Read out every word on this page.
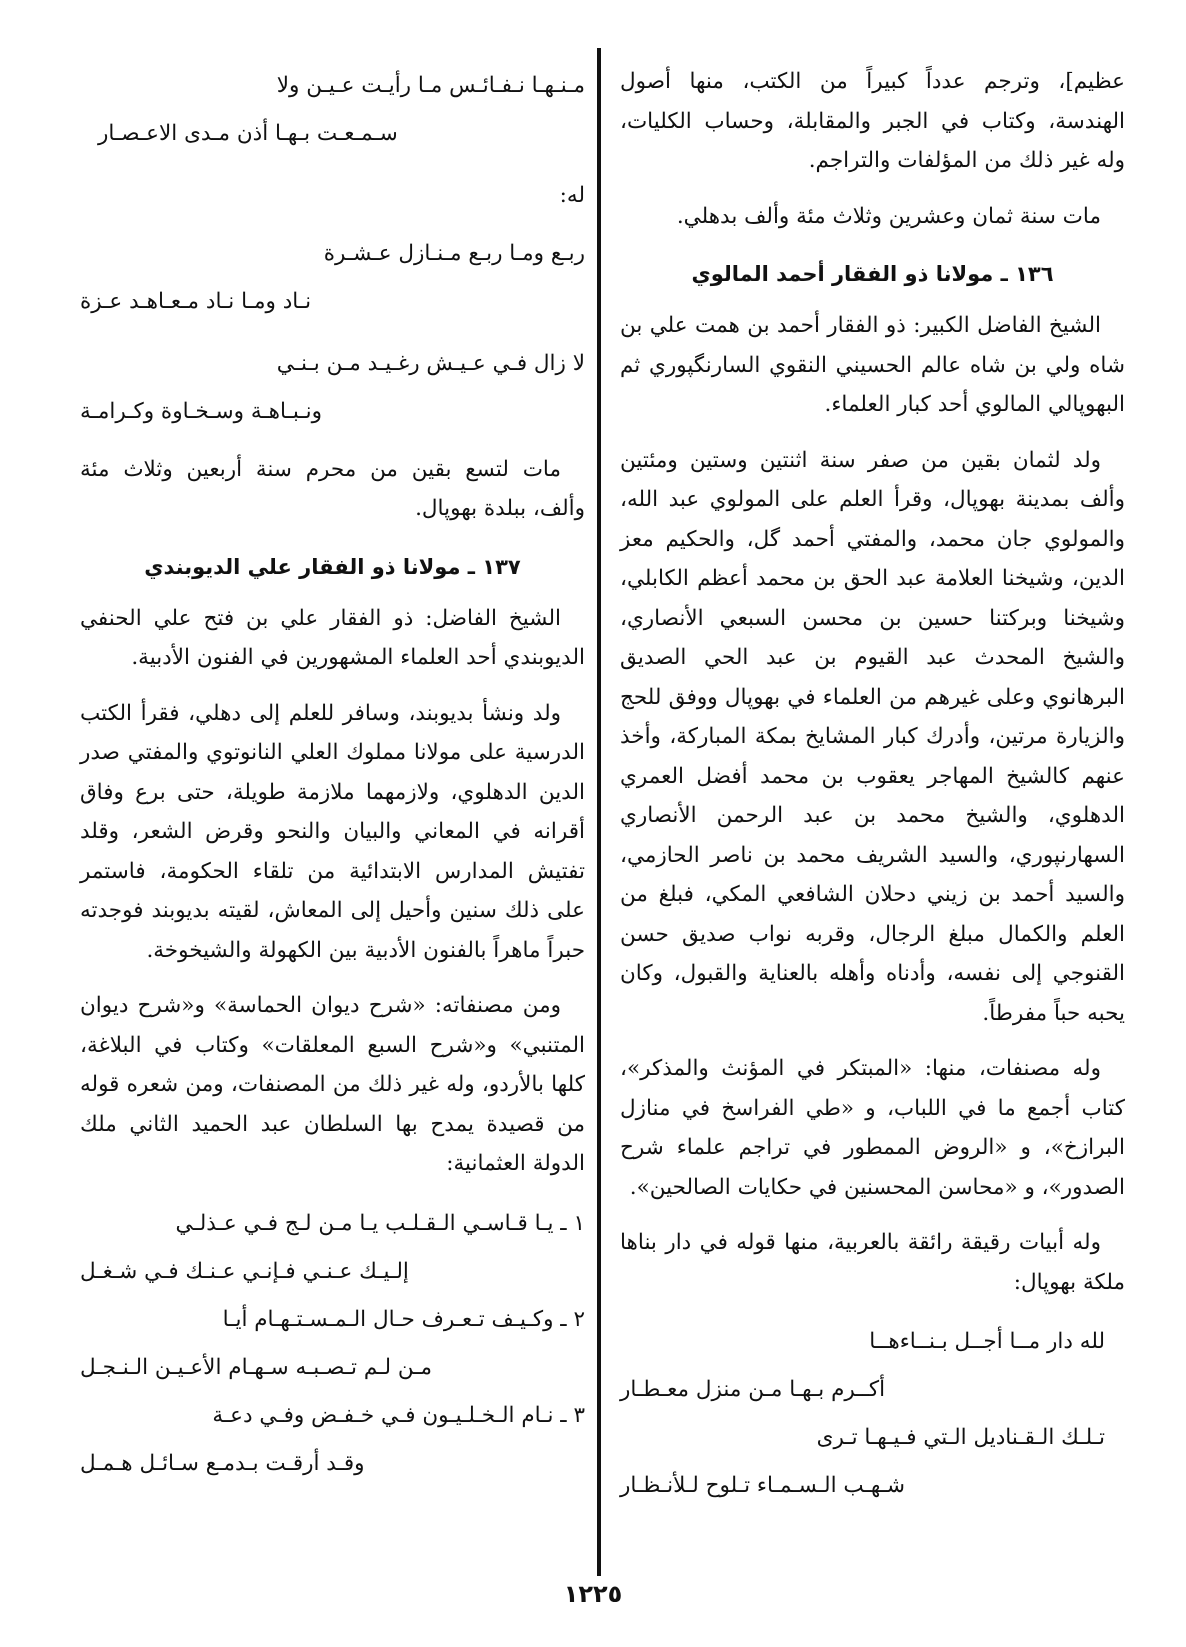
عظيم]، وترجم عدداً كبيراً من الكتب، منها أصول الهندسة، وكتاب في الجبر والمقابلة، وحساب الكليات، وله غير ذلك من المؤلفات والتراجم.

مات سنة ثمان وعشرين وثلاث مئة وألف بدهلي.

١٣٦ ـ مولانا ذو الفقار أحمد المالوي

الشيخ الفاضل الكبير: ذو الفقار أحمد بن همت علي بن شاه ولي بن شاه عالم الحسيني النقوي السارنگپوري ثم البهوپالي المالوي أحد كبار العلماء.

ولد لثمان بقين من صفر سنة اثنتين وستين ومئتين وألف بمدينة بهوپال، وقرأ العلم على المولوي عبد الله، والمولوي جان محمد، والمفتي أحمد گل، والحكيم معز الدين، وشيخنا العلامة عبد الحق بن محمد أعظم الكابلي، وشيخنا وبركتنا حسين بن محسن السبعي الأنصاري، والشيخ المحدث عبد القيوم بن عبد الحي الصديق البرهانوي وعلى غيرهم من العلماء في بهوپال ووفق للحج والزيارة مرتين، وأدرك كبار المشايخ بمكة المباركة، وأخذ عنهم كالشيخ المهاجر يعقوب بن محمد أفضل العمري الدهلوي، والشيخ محمد بن عبد الرحمن الأنصاري السهارنپوري، والسيد الشريف محمد بن ناصر الحازمي، والسيد أحمد بن زيني دحلان الشافعي المكي، فبلغ من العلم والكمال مبلغ الرجال، وقربه نواب صديق حسن القنوجي إلى نفسه، وأدناه وأهله بالعناية والقبول، وكان يحبه حباً مفرطاً.

وله مصنفات، منها: «المبتكر في المؤنث والمذكر»، كتاب أجمع ما في اللباب، و «طي الفراسخ في منازل البرازخ»، و «الروض الممطور في تراجم علماء شرح الصدور»، و «محاسن المحسنين في حكايات الصالحين».

وله أبيات رقيقة رائقة بالعربية، منها قوله في دار بناها ملكة بهوپال:

لله دار مــا أجــل بـنــاءهــا
أكــرم بـهـا مـن منزل معـطـار
تـلـك الـقـناديل الـتي فـيـهـا تـرى
شـهـب الـسـمـاء تـلوح لـلأنـظـار
مـنـهـا نـفـائـس مـا رأيـت عـيـن ولا
سـمـعـت بـهـا أذن مـدى الاعـصـار
له:
ربـع ومـا ربـع مـنـازل عـشـرة
نـاد ومـا نـاد مـعـاهـد عـزة
لا زال فـي عـيـش رغـيـد مـن بـنـي
ونـبـاهـة وسـخـاوة وكـرامـة

مات لتسع بقين من محرم سنة أربعين وثلاث مئة وألف، ببلدة بهوپال.

١٣٧ ـ مولانا ذو الفقار علي الديوبندي

الشيخ الفاضل: ذو الفقار علي بن فتح علي الحنفي الديوبندي أحد العلماء المشهورين في الفنون الأدبية.

ولد ونشأ بديوبند، وسافر للعلم إلى دهلي، فقرأ الكتب الدرسية على مولانا مملوك العلي النانوتوي والمفتي صدر الدين الدهلوي، ولازمهما ملازمة طويلة، حتى برع وفاق أقرانه في المعاني والبيان والنحو وقرض الشعر، وقلد تفتيش المدارس الابتدائية من تلقاء الحكومة، فاستمر على ذلك سنين وأحيل إلى المعاش، لقيته بديوبند فوجدته حبراً ماهراً بالفنون الأدبية بين الكهولة والشيخوخة.

ومن مصنفاته: «شرح ديوان الحماسة» و«شرح ديوان المتنبي» و«شرح السبع المعلقات» وكتاب في البلاغة، كلها بالأردو، وله غير ذلك من المصنفات، ومن شعره قوله من قصيدة يمدح بها السلطان عبد الحميد الثاني ملك الدولة العثمانية:

١ ـ يـا قـاسـي الـقـلـب يـا مـن لـج فـي عـذلـي
إلـيـك عـنـي فـإنـي عـنـك فـي شـغـل
٢ ـ وكـيـف تـعـرف حـال الـمـسـتـهـام أيـا
مـن لـم تـصـبـه سـهـام الأعـيـن الـنـجـل
٣ ـ نـام الـخـلـيـون فـي خـفـض وفـي دعـة
وقـد أرقـت بـدمـع سـائـل هـمـل
١٢٢٥
